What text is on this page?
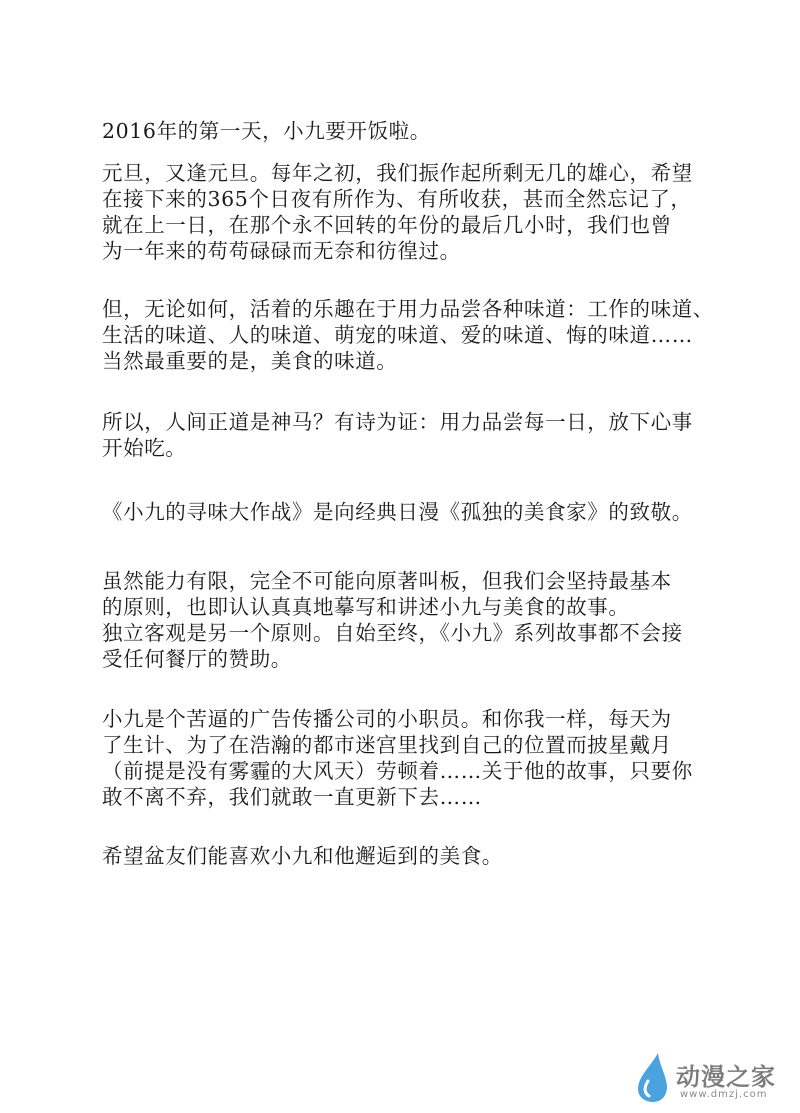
2016年的第一天，小九要开饭啦。

元旦，又逢元旦。每年之初，我们振作起所剩无几的雄心，希望
在接下来的365个日夜有所作为、有所收获，甚而全然忘记了，
就在上一日，在那个永不回转的年份的最后几小时，我们也曾
为一年来的苟苟碌碌而无奈和彷徨过。

但，无论如何，活着的乐趣在于用力品尝各种味道：工作的味道、
生活的味道、人的味道、萌宠的味道、爱的味道、悔的味道……
当然最重要的是，美食的味道。

所以，人间正道是神马？有诗为证：用力品尝每一日，放下心事
开始吃。

《小九的寻味大作战》是向经典日漫《孤独的美食家》的致敬。

虽然能力有限，完全不可能向原著叫板，但我们会坚持最基本
的原则，也即认认真真地摹写和讲述小九与美食的故事。
独立客观是另一个原则。自始至终，《小九》系列故事都不会接
受任何餐厅的赞助。

小九是个苦逼的广告传播公司的小职员。和你我一样，每天为
了生计、为了在浩瀚的都市迷宫里找到自己的位置而披星戴月
（前提是没有雾霾的大风天）劳顿着……关于他的故事，只要你
敢不离不弃，我们就敢一直更新下去……

希望盆友们能喜欢小九和他邂逅到的美食。

动漫之家
www.dmzj.com
